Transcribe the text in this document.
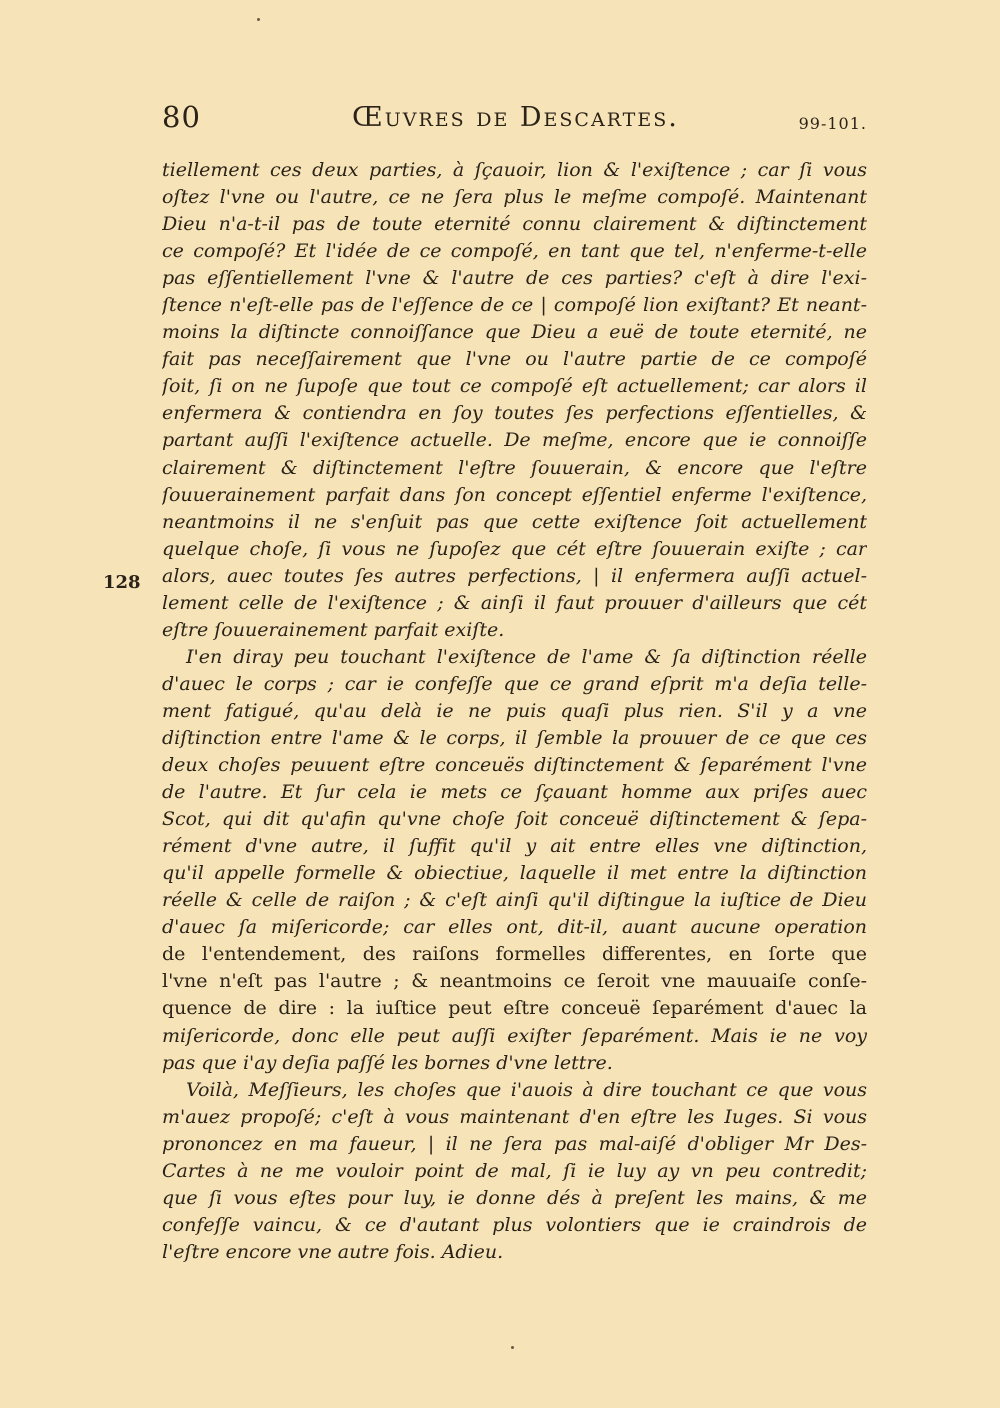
80	Œuvres de Descartes.	99-101.
128
tiellement ces deux parties, à ſçauoir, lion & l'exiſtence ; car ſi vous
oſtez l'vne ou l'autre, ce ne ſera plus le meſme compoſé. Maintenant
Dieu n'a-t-il pas de toute eternité connu clairement & diſtinctement
ce compoſé? Et l'idée de ce compoſé, en tant que tel, n'enferme-t-elle
pas eſſentiellement l'vne & l'autre de ces parties? c'eſt à dire l'exi-
ſtence n'eſt-elle pas de l'eſſence de ce | compoſé lion exiſtant? Et neant-
moins la diſtincte connoiſſance que Dieu a euë de toute eternité, ne
fait pas neceſſairement que l'vne ou l'autre partie de ce compoſé
ſoit, ſi on ne ſupoſe que tout ce compoſé eſt actuellement; car alors il
enfermera & contiendra en ſoy toutes ſes perfections eſſentielles, &
partant auſſi l'exiſtence actuelle. De meſme, encore que ie connoiſſe
clairement & diſtinctement l'eſtre ſouuerain, & encore que l'eſtre
ſouuerainement parfait dans ſon concept eſſentiel enferme l'exiſtence,
neantmoins il ne s'enſuit pas que cette exiſtence ſoit actuellement
quelque choſe, ſi vous ne ſupoſez que cét eſtre ſouuerain exiſte ; car
alors, auec toutes ſes autres perfections, | il enfermera auſſi actuel-
lement celle de l'exiſtence ; & ainſi il faut prouuer d'ailleurs que cét
eſtre ſouuerainement parfait exiſte.
I'en diray peu touchant l'exiſtence de l'ame & ſa diſtinction réelle
d'auec le corps ; car ie confeſſe que ce grand eſprit m'a deſia telle-
ment fatigué, qu'au delà ie ne puis quaſi plus rien. S'il y a vne
diſtinction entre l'ame & le corps, il ſemble la prouuer de ce que ces
deux choſes peuuent eſtre conceuës diſtinctement & ſeparément l'vne
de l'autre. Et ſur cela ie mets ce ſçauant homme aux priſes auec
Scot, qui dit qu'afin qu'vne choſe ſoit conceuë diſtinctement & ſepa-
rément d'vne autre, il ſuffit qu'il y ait entre elles vne diſtinction,
qu'il appelle formelle & obiectiue, laquelle il met entre la diſtinction
réelle & celle de raiſon ; & c'eſt ainſi qu'il diſtingue la iuſtice de Dieu
d'auec ſa miſericorde; car elles ont, dit-il, auant aucune operation
de l'entendement, des raiſons formelles differentes, en ſorte que
l'vne n'eſt pas l'autre ; & neantmoins ce ſeroit vne mauuaiſe conſe-
quence de dire : la iuſtice peut eſtre conceuë ſeparément d'auec la
miſericorde, donc elle peut auſſi exiſter ſeparément. Mais ie ne voy
pas que i'ay deſia paſſé les bornes d'vne lettre.
Voilà, Meſſieurs, les choſes que i'auois à dire touchant ce que vous
m'auez propoſé; c'eſt à vous maintenant d'en eſtre les Iuges. Si vous
prononcez en ma faueur, | il ne ſera pas mal-aiſé d'obliger Mr Des-
Cartes à ne me vouloir point de mal, ſi ie luy ay vn peu contredit;
que ſi vous eſtes pour luy, ie donne dés à preſent les mains, & me
confeſſe vaincu, & ce d'autant plus volontiers que ie craindrois de
l'eſtre encore vne autre fois. Adieu.
